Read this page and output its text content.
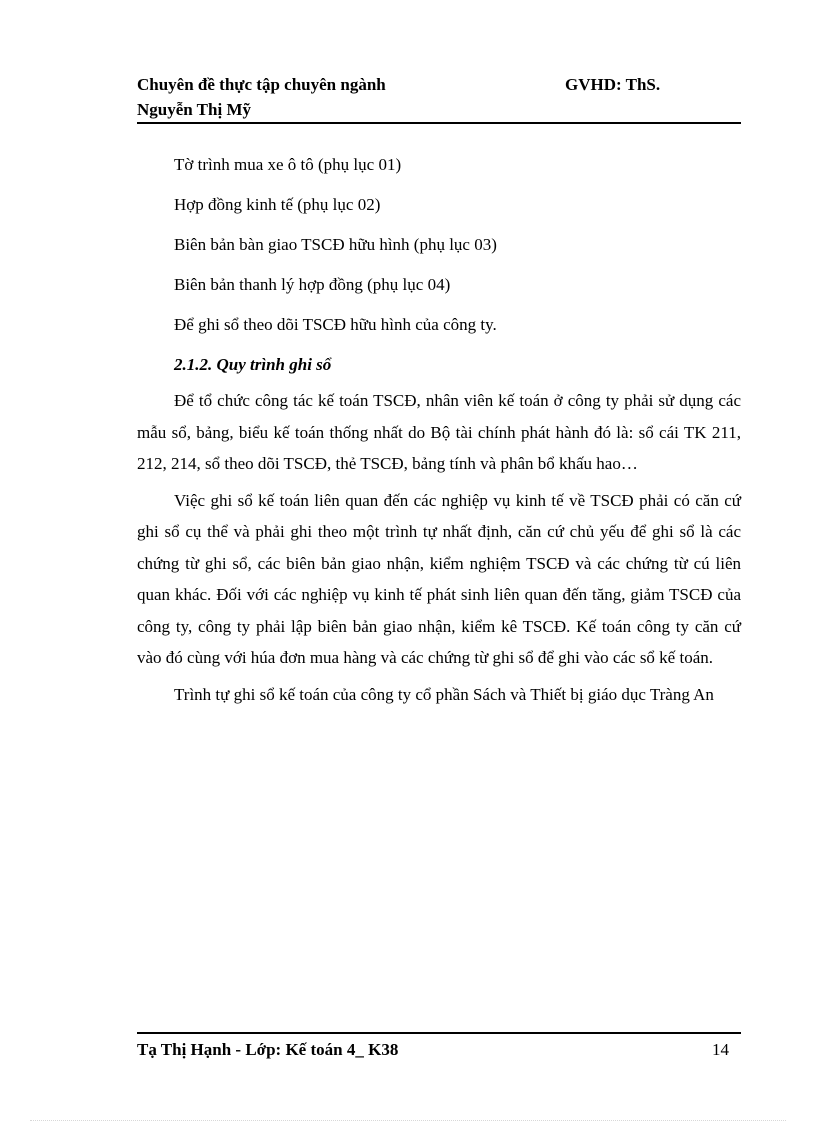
Chuyên đề thực tập chuyên ngành	GVHD: ThS.
Nguyễn Thị Mỹ

Tờ trình mua xe ô tô (phụ lục 01)

Hợp đồng kinh tế (phụ lục 02)

Biên bản bàn giao TSCĐ hữu hình (phụ lục 03)

Biên bản thanh lý hợp đồng (phụ lục 04)

Để ghi sổ theo dõi TSCĐ hữu hình của công ty.

2.1.2. Quy trình ghi sổ

Để tổ chức công tác kế toán TSCĐ, nhân viên kế toán ở công ty phải sử dụng các mẫu sổ, bảng, biểu kế toán thống nhất do Bộ tài chính phát hành đó là: sổ cái TK 211, 212, 214, sổ theo dõi TSCĐ, thẻ TSCĐ, bảng tính và phân bổ khấu hao…

Việc ghi sổ kế toán liên quan đến các nghiệp vụ kinh tế về TSCĐ phải có căn cứ ghi sổ cụ thể và phải ghi theo một trình tự nhất định, căn cứ chủ yếu để ghi sổ là các chứng từ ghi sổ, các biên bản giao nhận, kiểm nghiệm TSCĐ và các chứng từ cú liên quan khác. Đối với các nghiệp vụ kinh tế phát sinh liên quan đến tăng, giảm TSCĐ của công ty, công ty phải lập biên bản giao nhận, kiểm kê TSCĐ. Kế toán công ty căn cứ vào đó cùng với húa đơn mua hàng và các chứng từ ghi sổ để ghi vào các sổ kế toán.

Trình tự ghi sổ kế toán của công ty cổ phần Sách và Thiết bị giáo dục Tràng An

Tạ Thị Hạnh - Lớp: Kế toán 4_ K38	14
